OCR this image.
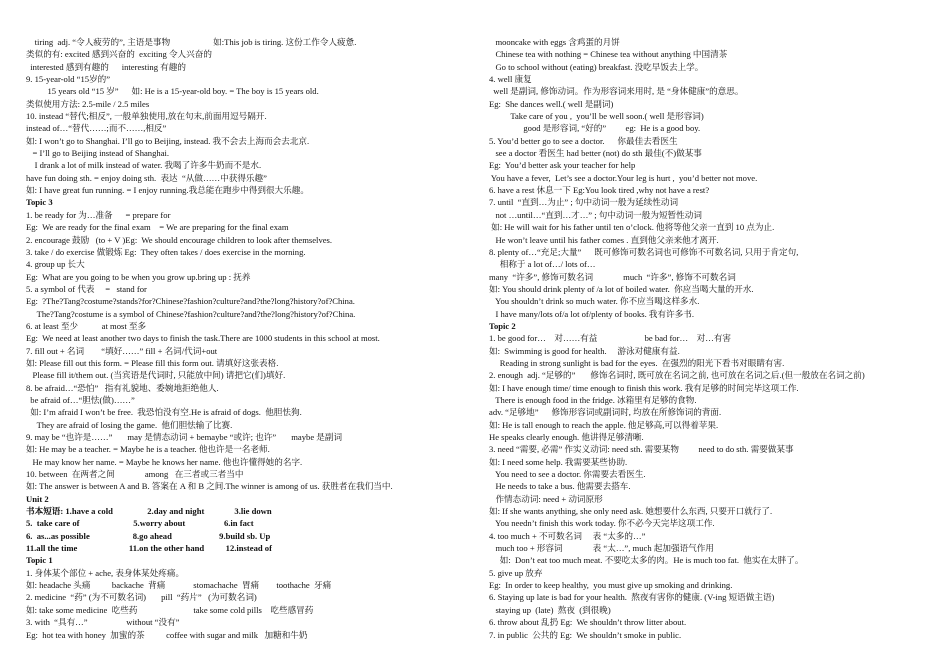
tiring  adj. “令人疲劳的”, 主语是事物                    如:This job is tiring. 这份工作令人疲惫.
类似的有: excited 感到兴奋的  exciting 令人兴奋的
interested 感到有趣的      interesting 有趣的
9. 15-year-old “15岁的”
15 years old “15 岁”      如: He is a 15-year-old boy. = The boy is 15 years old.
类似使用方法: 2.5-mile / 2.5 miles
10. instead “替代;相反”, 一般单独使用,放在句末,前面用逗号隔开.
instead of…“替代……;而不……,相反”
如: I won’t go to Shanghai. I’ll go to Beijing, instead. 我不会去上海而会去北京.
= I’ll go to Beijing instead of Shanghai.
I drank a lot of milk instead of water. 我喝了许多牛奶而不是水.
have fun doing sth. = enjoy doing sth.  表达  “从做……中获得乐趣”
如: I have great fun running. = I enjoy running.我总能在跑步中得到很大乐趣。
Topic 3
1. be ready for 为…准备      = prepare for
Eg:  We are ready for the final exam    = We are preparing for the final exam
2. encourage 鼓励   (to + V )Eg:  We should encourage children to look after themselves.
3. take / do exercise 做锻炼 Eg:  They often takes / does exercise in the morning.
4. group up 长大
Eg:  What are you going to be when you grow up.bring up : 抚养
5. a symbol of 代表     =   stand for
Eg:  ?The?Tang?costume?stands?for?Chinese?fashion?culture?and?the?long?history?of?China.
The?Tang?costume is a symbol of Chinese?fashion?culture?and?the?long?history?of?China.
6. at least 至少           at most 至多
Eg:  We need at least another two days to finish the task.There are 1000 students in this school at most.
7. fill out + 名词        “填好……” fill + 名词/代词+out
如: Please fill out this form. = Please fill this form out. 请填好这张表格.
Please fill it/them out. (当宾语是代词时, 只能放中间) 请把它(们)填好.
8. be afraid…“恐怕”   指有礼貌地、委婉地拒绝他人.
be afraid of…“胆怯(做)……”
如: I’m afraid I won’t be free.  我恐怕没有空.He is afraid of dogs.  他胆怯狗.
They are afraid of losing the game.  他们胆怯输了比赛.
9. may be “也许是……”       may 是情态动词 + bemaybe “或许; 也许”       maybe 是副词
如: He may be a teacher. = Maybe he is a teacher. 他也许是一名老师.
He may know her name. = Maybe he knows her name. 他也许懂得她的名字.
10. between  在两者之间              among   在三者或三者当中
如: The answer is between A and B. 答案在 A 和 B 之间.The winner is among of us. 获胜者在我们当中.
Unit 2
书本短语: 1.have a cold                2.day and night              3.lie down
5.  take care of                         5.worry about                  6.in fact
6.  as...as possible                    8.go ahead                      9.build sb. Up
11.all the time                        11.on the other hand          12.instead of
Topic 1
1. 身体某个部位 + ache, 表身体某处疼痛。
如: headache 头痛          backache  背痛             stomachache  胃痛        toothache  牙痛
2. medicine  “药” (为不可数名词)       pill  “药片”   (为可数名词)
如: take some medicine  吃些药                          take some cold pills    吃些感冒药
3. with  “具有…”                  without “没有”
Eg:  hot tea with honey  加蜜的茶          coffee with sugar and milk   加糖和牛奶
mooncake with eggs 含鸡蛋的月饼
Chinese tea with nothing = Chinese tea without anything 中国清茶
Go to school without (eating) breakfast. 没吃早饭去上学。
4. well 康复
well 是副词, 修饰动词。作为形容词来用时, 是 “身体健康”的意思。
Eg:  She dances well.( well 是副词)
Take care of you ,  you’ll be well soon.( well 是形容词)
good 是形容词, “好的”         eg:  He is a good boy.
5. You’d better go to see a doctor.      你最佳去看医生
see a doctor 看医生 had better (not) do sth 最佳(不)做某事
Eg:  You’d better ask your teacher for help
You have a fever,  Let’s see a doctor.Your leg is hurt ,  you’d better not move.
6. have a rest 休息一下 Eg:You look tired ,why not have a rest?
7. until  “直到…为止” ; 句中动词一般为延续性动词
not …until…“直到…才…” ; 句中动词一般为短暂性动词
如: He will wait for his father until ten o’clock. 他将等他父亲一直到 10 点为止.
He won’t leave until his father comes . 直到他父亲来他才离开.
8. plenty of…“充足;大量”      既可修饰可数名词也可修饰不可数名词, 只用于肯定句,
相称于 a lot of…/ lots of…
many  “许多”, 修饰可数名词              much  “许多”, 修饰不可数名词
如: You should drink plenty of /a lot of boiled water.  你应当喝大量的开水.
You shouldn’t drink so much water. 你不应当喝这样多水.
I have many/lots of/a lot of/plenty of books. 我有许多书.
Topic 2
1. be good for…    对……有益                      be bad for…    对…有害
如:  Swimming is good for health.     游泳对健康有益.
Reading in strong sunlight is bad for the eyes.  在强烈的阳光下看书对眼睛有害.
2. enough  adj. “足够的”       修饰名词时, 既可放在名词之前, 也可放在名词之后.(但一般放在名词之前)
如: I have enough time/ time enough to finish this work. 我有足够的时间完毕这项工作.
There is enough food in the fridge. 冰箱里有足够的食物.
adv. “足够地”      修饰形容词或副词时, 均放在所修饰词的背面.
如: He is tall enough to reach the apple. 他足够高,可以得着苹果.
He speaks clearly enough. 他讲得足够清晰.
3. need “需要, 必需” 作实义动词: need sth. 需要某物         need to do sth. 需要做某事
如: I need some help. 我需要某些协助.
You need to see a doctor. 你需要去看医生.
He needs to take a bus. 他需要去搭车.
作情态动词: need + 动词原形
如: If she wants anything, she only need ask. 她想要什么东西, 只要开口就行了.
You needn’t finish this work today. 你不必今天完毕这项工作.
4. too much + 不可数名词     表 “太多的…”
much too + 形容词              表 “太…”, much 起加强语气作用
如:  Don’t eat too much meat. 不要吃太多的肉。He is much too fat.  他实在太胖了。
5. give up 放弃
Eg:  In order to keep healthy,  you must give up smoking and drinking.
6. Staying up late is bad for your health.  熬夜有害你的健康. (V-ing 短语做主语)
staying up  (late)  熬夜  (到很晚)
6. throw about 乱扔 Eg:  We shouldn’t throw litter about.
7. in public  公共的 Eg:  We shouldn’t smoke in public.
